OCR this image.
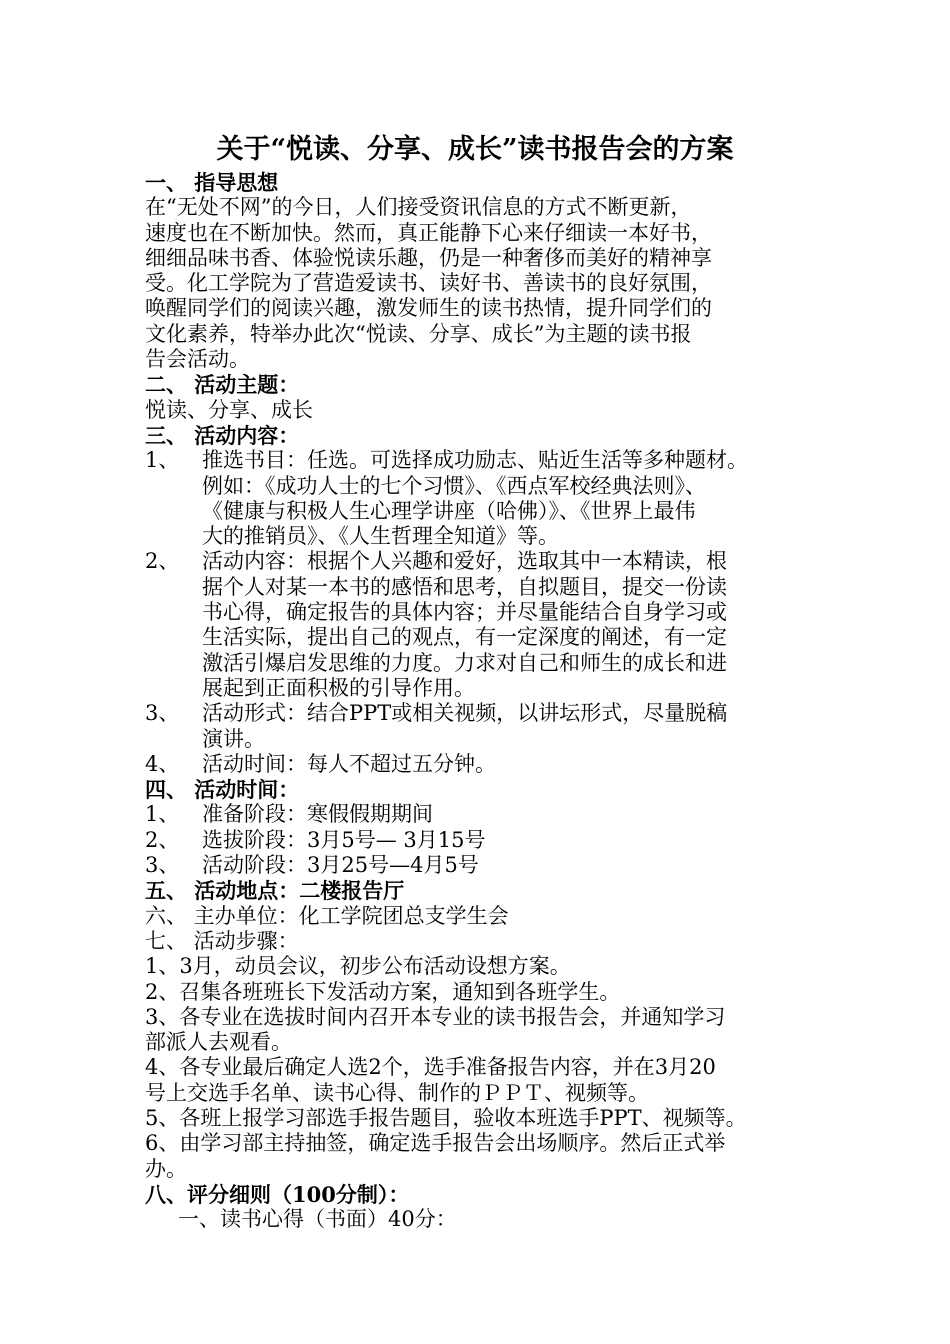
关于“悦读、分享、成长”读书报告会的方案
一、 指导思想
在“无处不网”的今日，人们接受资讯信息的方式不断更新，
速度也在不断加快。然而，真正能静下心来仔细读一本好书，
细细品味书香、体验悦读乐趣，仍是一种奢侈而美好的精神享
受。化工学院为了营造爱读书、读好书、善读书的良好氛围，
唤醒同学们的阅读兴趣，激发师生的读书热情，提升同学们的
文化素养，特举办此次“悦读、分享、成长”为主题的读书报
告会活动。
二、 活动主题：
悦读、分享、成长
三、 活动内容：
1、 推选书目：任选。可选择成功励志、贴近生活等多种题材。
例如：《成功人士的七个习惯》、《西点军校经典法则》、
《健康与积极人生心理学讲座（哈佛）》、《世界上最伟
大的推销员》、《人生哲理全知道》等。
2、 活动内容：根据个人兴趣和爱好，选取其中一本精读，根
据个人对某一本书的感悟和思考，自拟题目，提交一份读
书心得，确定报告的具体内容；并尽量能结合自身学习或
生活实际，提出自己的观点，有一定深度的阐述，有一定
激活引爆启发思维的力度。力求对自己和师生的成长和进
展起到正面积极的引导作用。
3、 活动形式：结合PPT或相关视频，以讲坛形式，尽量脱稿
演讲。
4、 活动时间：每人不超过五分钟。
四、 活动时间：
1、 准备阶段：寒假假期期间
2、 选拔阶段：3月5号— 3月15号
3、 活动阶段：3月25号—4月5号
五、 活动地点：二楼报告厅
六、 主办单位：化工学院团总支学生会
七、 活动步骤：
1、3月，动员会议，初步公布活动设想方案。
2、召集各班班长下发活动方案，通知到各班学生。
3、各专业在选拔时间内召开本专业的读书报告会，并通知学习
部派人去观看。
4、各专业最后确定人选2个，选手准备报告内容，并在3月20
号上交选手名单、读书心得、制作的ＰＰＴ、视频等。
5、各班上报学习部选手报告题目，验收本班选手PPT、视频等。
6、由学习部主持抽签，确定选手报告会出场顺序。然后正式举
办。
八、评分细则（100分制）：
一、读书心得（书面）40分：
